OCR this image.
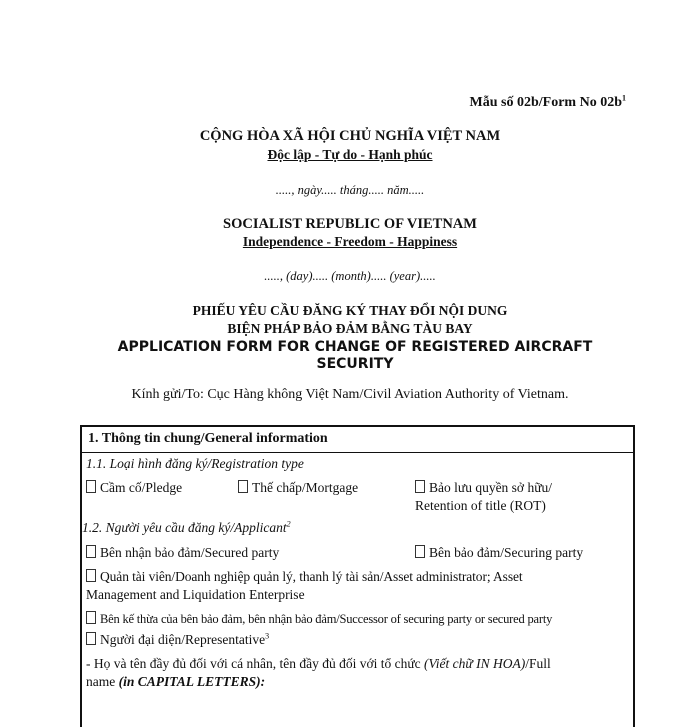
Mẫu số 02b/Form No $02b^1$
CỘNG HÒA XÃ HỘI CHỦ NGHĨA VIỆT NAM
Độc lập - Tự do - Hạnh phúc
....., ngày..... tháng..... năm.....
SOCIALIST REPUBLIC OF VIETNAM
Independence - Freedom - Happiness
....., (day)..... (month)..... (year).....
PHIẾU YÊU CẦU ĐĂNG KÝ THAY ĐỔI NỘI DUNG
BIỆN PHÁP BẢO ĐẢM BẰNG TÀU BAY
APPLICATION FORM FOR CHANGE OF REGISTERED AIRCRAFT SECURITY
Kính gửi/To: Cục Hàng không Việt Nam/Civil Aviation Authority of Vietnam.
1. Thông tin chung/General information
1.1. Loại hình đăng ký/Registration type
Cầm cố/Pledge	Thế chấp/Mortgage	Bảo lưu quyền sở hữu/
Retention of title (ROT)
1.2. Người yêu cầu đăng ký/Applicant$^2$
Bên nhận bảo đảm/Secured party	Bên bảo đảm/Securing party
Quản tài viên/Doanh nghiệp quản lý, thanh lý tài sản/Asset administrator; Asset
Management and Liquidation Enterprise
Bên kế thừa của bên bảo đảm, bên nhận bảo đảm/Successor of securing party or secured party
Người đại diện/Representative$^3$
- Họ và tên đầy đủ đối với cá nhân, tên đầy đủ đối với tổ chức (Viết chữ IN HOA)/Full
name (in CAPITAL LETTERS):
